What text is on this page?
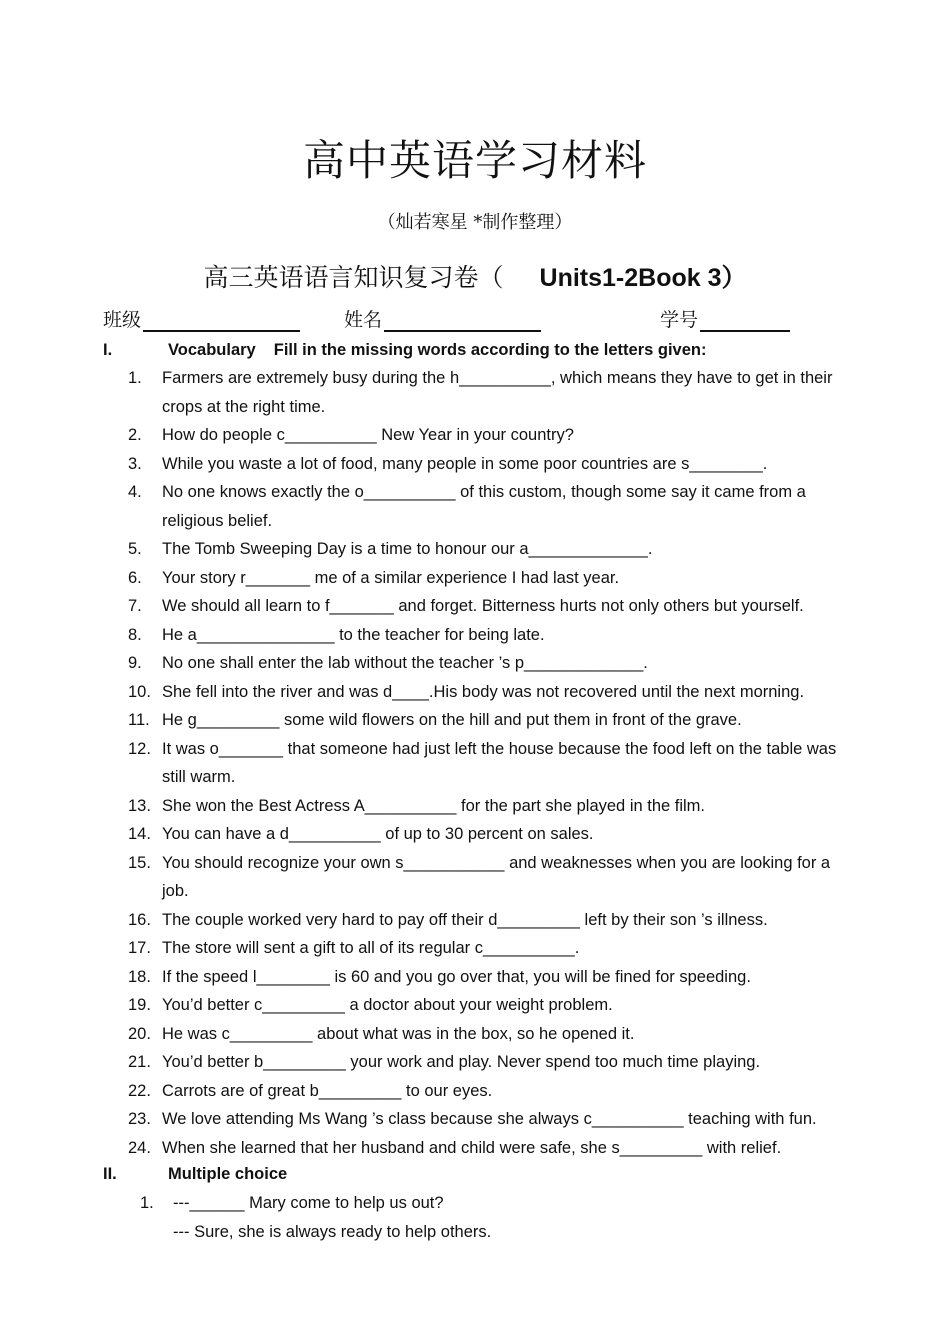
高中英语学习材料
（灿若寒星 *制作整理）
高三英语语言知识复习卷（ Units1-2Book 3）
班级	姓名	学号
I.	Vocabulary Fill in the missing words according to the letters given:
1. Farmers are extremely busy during the h__________, which means they have to get in their crops at the right time.
2. How do people c__________ New Year in your country?
3. While you waste a lot of food, many people in some poor countries are s________.
4. No one knows exactly the o__________ of this custom, though some say it came from a religious belief.
5. The Tomb Sweeping Day is a time to honour our a_____________.
6. Your story r_______ me of a similar experience I had last year.
7. We should all learn to f_______ and forget. Bitterness hurts not only others but yourself.
8. He a_______________ to the teacher for being late.
9. No one shall enter the lab without the teacher ’s p_____________.
10. She fell into the river and was d____.His body was not recovered until the next morning.
11. He g_________ some wild flowers on the hill and put them in front of the grave.
12. It was o_______ that someone had just left the house because the food left on the table was still warm.
13. She won the Best Actress A__________ for the part she played in the film.
14. You can have a d__________ of up to 30 percent on sales.
15. You should recognize your own s___________ and weaknesses when you are looking for a job.
16. The couple worked very hard to pay off their d_________ left by their son ’s illness.
17. The store will sent a gift to all of its regular c__________.
18. If the speed l________ is 60 and you go over that, you will be fined for speeding.
19. You’d better c_________ a doctor about your weight problem.
20. He was c_________ about what was in the box, so he opened it.
21. You’d better b_________ your work and play. Never spend too much time playing.
22. Carrots are of great b_________ to our eyes.
23. We love attending Ms Wang ’s class because she always c__________ teaching with fun.
24. When she learned that her husband and child were safe, she s_________ with relief.
II.	Multiple choice
1. ---______ Mary come to help us out?
--- Sure, she is always ready to help others.
